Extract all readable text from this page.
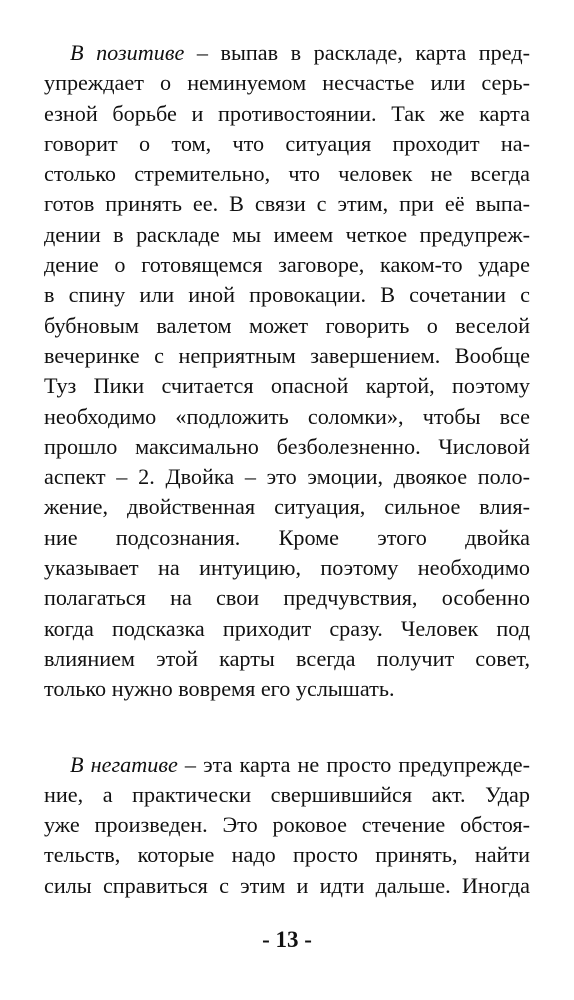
В позитиве – выпав в раскладе, карта пред-
упреждает о неминуемом несчастье или серь-
езной борьбе и противостоянии. Так же карта
говорит о том, что ситуация проходит на-
столько стремительно, что человек не всегда
готов принять ее. В связи с этим, при её выпа-
дении в раскладе мы имеем четкое предупреж-
дение о готовящемся заговоре, каком-то ударе
в спину или иной провокации. В сочетании с
бубновым валетом может говорить о веселой
вечеринке с неприятным завершением. Вообще
Туз Пики считается опасной картой, поэтому
необходимо «подложить соломки», чтобы все
прошло максимально безболезненно. Числовой
аспект – 2. Двойка – это эмоции, двоякое поло-
жение, двойственная ситуация, сильное влия-
ние подсознания. Кроме этого двойка
указывает на интуицию, поэтому необходимо
полагаться на свои предчувствия, особенно
когда подсказка приходит сразу. Человек под
влиянием этой карты всегда получит совет,
только нужно вовремя его услышать.
В негативе – эта карта не просто предупрежде-
ние, а практически свершившийся акт. Удар
уже произведен. Это роковое стечение обстоя-
тельств, которые надо просто принять, найти
силы справиться с этим и идти дальше. Иногда
- 13 -
